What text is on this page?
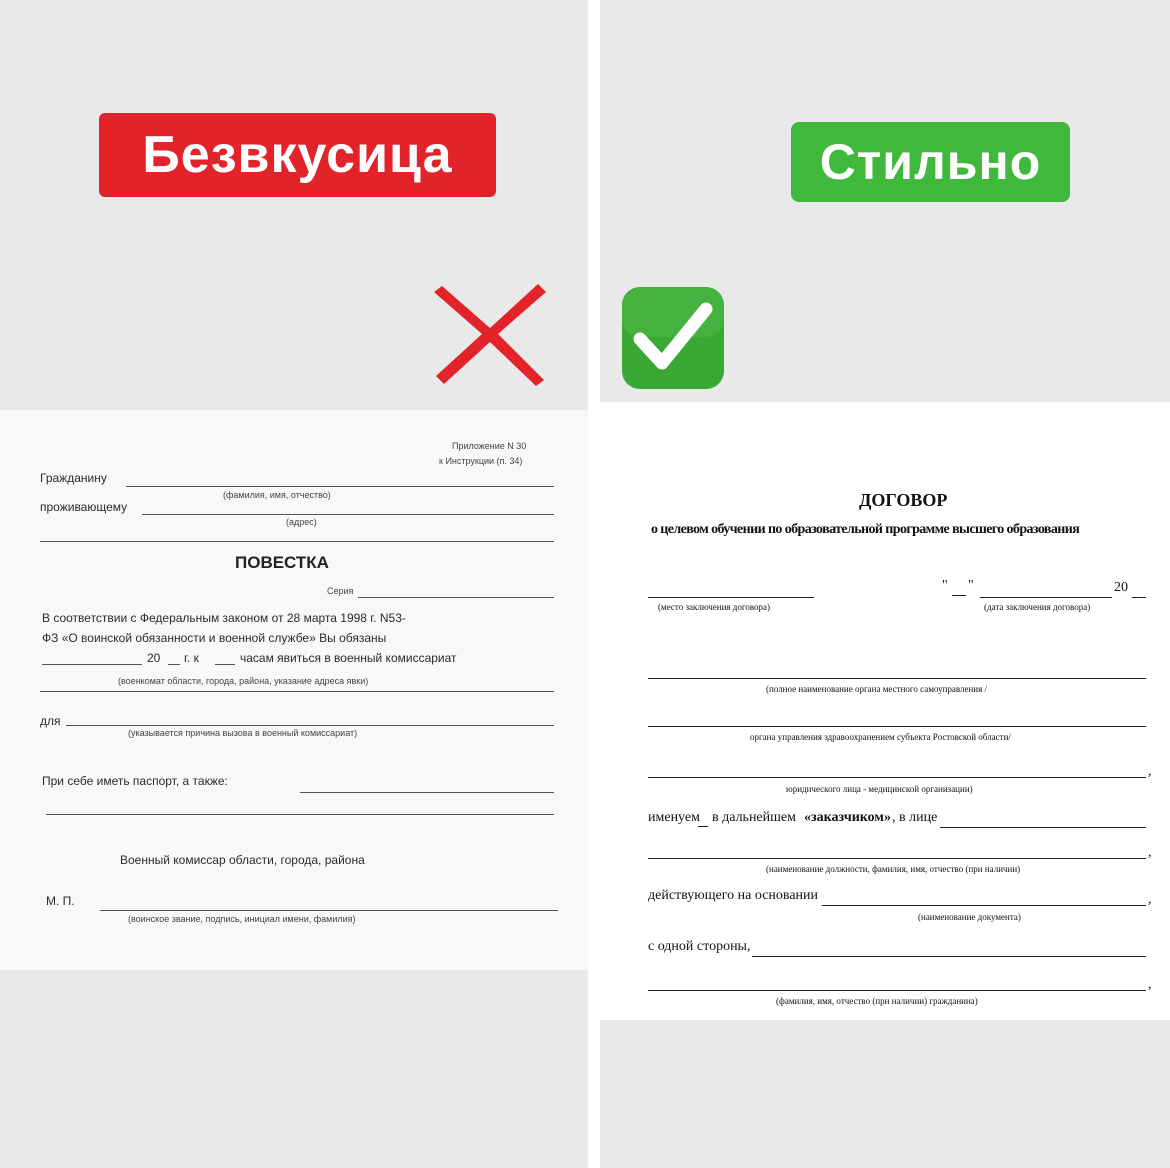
Безвкусица	Стильно
Приложение N 30
к Инструкции (п. 34)
Гражданину
(фамилия, имя, отчество)
проживающему
(адрес)
ПОВЕСТКА
Серия
В соответствии с Федеральным законом от 28 марта 1998 г. N53-
ФЗ «О воинской обязанности и военной службе» Вы обязаны
20 г. к	часам явиться в военный комиссариат
(военкомат области, города, района, указание адреса явки)
для
(указывается причина вызова в военный комиссариат)
При себе иметь паспорт, а также:
Военный комиссар области, города, района
М. П.
(воинское звание, подпись, инициал имени, фамилия)
ДОГОВОР
о целевом обучении по образовательной программе высшего образования
(место заключения договора)
" "	20
(дата заключения договора)
(полное наименование органа местного самоуправления /
органа управления здравоохранением субъекта Ростовской области/
,
юридического лица - медицинской организации)
именуем в дальнейшем «заказчиком» , в лице
,
(наименование должности, фамилия, имя, отчество (при наличии)
действующего на основании	,
(наименование документа)
с одной стороны,
,
(фамилия, имя, отчество (при наличии) гражданина)
